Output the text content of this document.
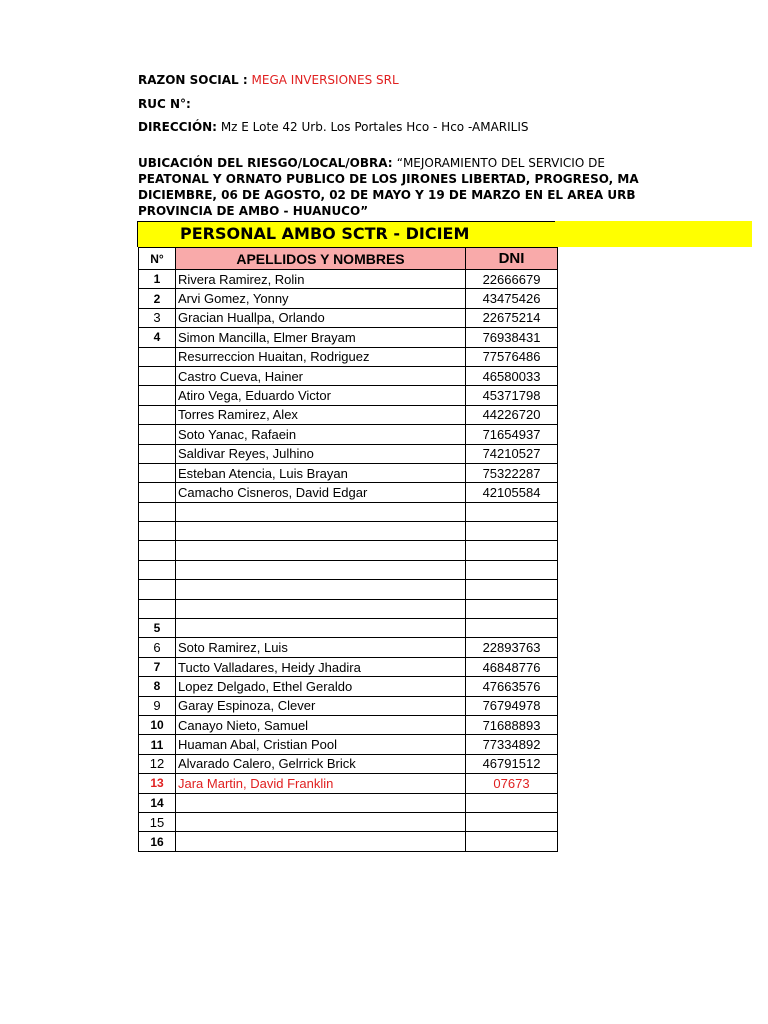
RAZON SOCIAL : MEGA INVERSIONES SRL
RUC N°:
DIRECCIÓN: Mz E Lote 42 Urb. Los Portales Hco - Hco -AMARILIS
UBICACIÓN DEL RIESGO/LOCAL/OBRA: “MEJORAMIENTO DEL SERVICIO DE
PEATONAL Y ORNATO PUBLICO DE LOS JIRONES LIBERTAD, PROGRESO, MA
DICIEMBRE, 06 DE AGOSTO, 02 DE MAYO Y 19 DE MARZO EN EL AREA URB
PROVINCIA DE AMBO - HUANUCO”
PERSONAL AMBO SCTR - DICIEM
N°	APELLIDOS Y NOMBRES	DNI
1	Rivera Ramirez, Rolin	22666679
2	Arvi Gomez, Yonny	43475426
3	Gracian Huallpa, Orlando	22675214
4	Simon Mancilla, Elmer Brayam	76938431
	Resurreccion Huaitan, Rodriguez	77576486
	Castro Cueva, Hainer	46580033
	Atiro Vega, Eduardo Victor	45371798
	Torres Ramirez, Alex	44226720
	Soto Yanac, Rafaein	71654937
	Saldivar Reyes, Julhino	74210527
	Esteban Atencia, Luis Brayan	75322287
	Camacho Cisneros, David Edgar	42105584

5		
6	Soto Ramirez, Luis	22893763
7	Tucto Valladares, Heidy Jhadira	46848776
8	Lopez Delgado, Ethel Geraldo	47663576
9	Garay Espinoza, Clever	76794978
10	Canayo Nieto, Samuel	71688893
11	Huaman Abal, Cristian Pool	77334892
12	Alvarado Calero, Gelrrick Brick	46791512
13	Jara Martin, David Franklin	07673
14		
15		
16		
